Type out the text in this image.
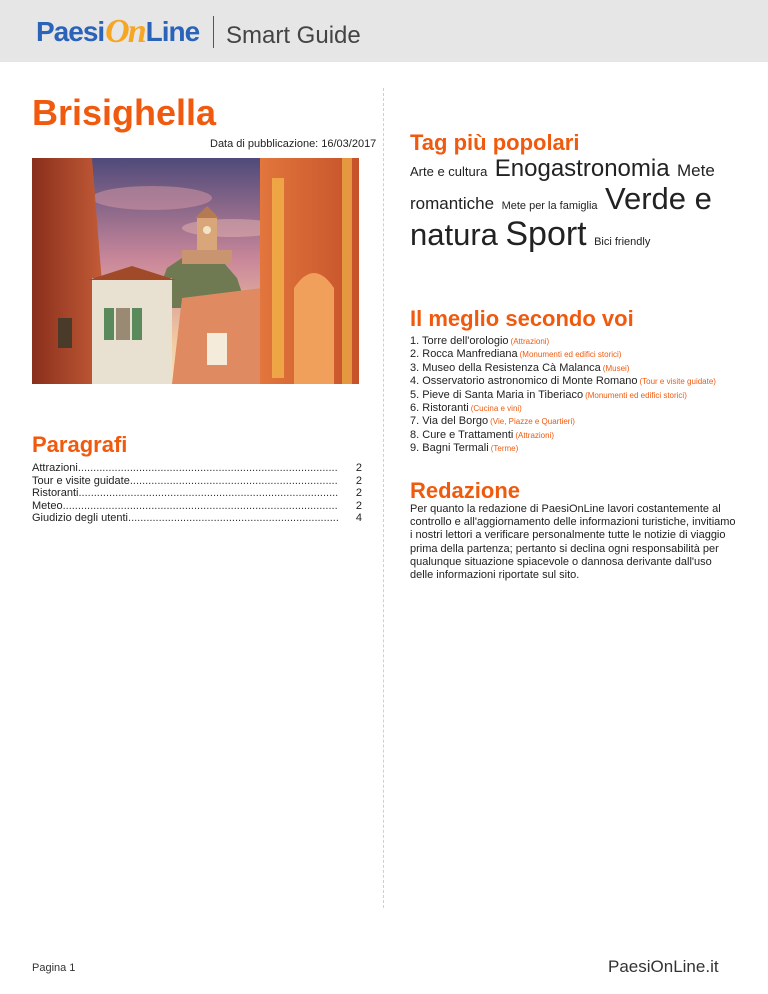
Paesi On Line Smart Guide
Brisighella
Data di pubblicazione: 16/03/2017 Tag più popolari
Arte e cultura Enogastronomia Mete romantiche Mete per la famiglia Verde e natura Sport Bici friendly
Il meglio secondo voi
1. Torre dell'orologio (Attrazioni)
2. Rocca Manfrediana (Monumenti ed edifici storici)
3. Museo della Resistenza Cà Malanca (Musei)
4. Osservatorio astronomico di Monte Romano (Tour e visite guidate)
5. Pieve di Santa Maria in Tiberiaco (Monumenti ed edifici storici)
6. Ristoranti (Cucina e vini)
7. Via del Borgo (Vie, Piazze e Quartieri)
8. Cure e Trattamenti (Attrazioni)
9. Bagni Termali (Terme)
Paragrafi
Attrazioni .....	2
Tour e visite guidate .....	2
Ristoranti .....	2
Meteo .....	2
Giudizio degli utenti .....	4
Redazione
Per quanto la redazione di PaesiOnLine lavori costantemente al controllo e all'aggiornamento delle informazioni turistiche, invitiamo i nostri lettori a verificare personalmente tutte le notizie di viaggio prima della partenza; pertanto si declina ogni responsabilità per qualunque situazione spiacevole o dannosa derivante dall'uso delle informazioni riportate sul sito.
Pagina 1	PaesiOnLine.it
